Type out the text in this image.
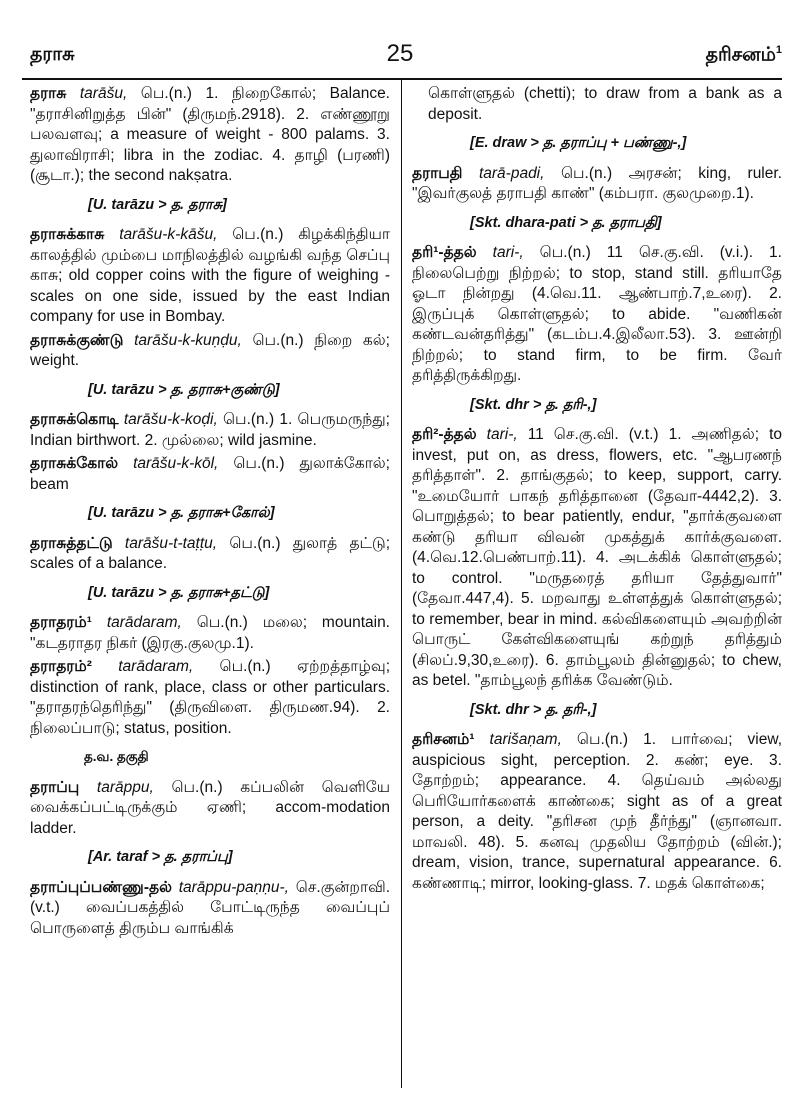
தராசு	25	தரிசனம்$^1$
தராசு tarāšu, பெ.(n.) 1. நிறைகோல்; Balance. "தராசினிறுத்த பின்" (திருமந்.2918). 2. எண்ணூறு பலவளவு; a measure of weight - 800 palams. 3. துலாவிராசி; libra in the zodiac. 4. தாழி (பரணி) (சூடா.); the second nakṣatra.
[U. tarāzu > த. தராசு]
தராசுக்காசு tarāšu-k-kāšu, பெ.(n.) கிழக்கிந்தியா காலத்தில் மும்பை மாநிலத்தில் வழங்கி வந்த செப்பு காசு; old copper coins with the figure of weighing - scales on one side, issued by the east Indian company for use in Bombay.
தராசுக்குண்டு tarāšu-k-kuṇḍu, பெ.(n.) நிறை கல்; weight.
[U. tarāzu > த. தராசு+குண்டு]
தராசுக்கொடி tarāšu-k-koḍi, பெ.(n.) 1. பெருமருந்து; Indian birthwort. 2. முல்லை; wild jasmine.
தராசுக்கோல் tarāšu-k-kōl, பெ.(n.) துலாக்கோல்; beam
[U. tarāzu > த. தராசு+கோல்]
தராசுத்தட்டு tarāšu-t-taṭṭu, பெ.(n.) துலாத் தட்டு; scales of a balance.
[U. tarāzu > த. தராசு+தட்டு]
தராதரம்¹ tarādaram, பெ.(n.) மலை; mountain. "கடதராதர நிகர் (இரகு.குலமு.1).
தராதரம்² tarādaram, பெ.(n.) ஏற்றத்தாழ்வு; distinction of rank, place, class or other particulars. "தராதரந்தெரிந்து" (திருவிளை. திருமண.94). 2. நிலைப்பாடு; status, position.
த.வ. தகுதி
தராப்பு tarāppu, பெ.(n.) கப்பலின் வெளியே வைக்கப்பட்டிருக்கும் ஏணி; accom-modation ladder.
[Ar. taraf > த. தராப்பு]
தராப்புப்பண்ணு-தல் tarāppu-paṇṇu-, செ.குன்றாவி.(v.t.) வைப்பகத்தில் போட்டிருந்த வைப்புப் பொருளைத் திரும்ப வாங்கிக்
கொள்ளுதல் (chetti); to draw from a bank as a deposit.
[E. draw > த. தராப்பு + பண்ணு-,]
தராபதி tarā-padi, பெ.(n.) அரசன்; king, ruler. "இவர்குலத் தராபதி காண்" (கம்பரா. குலமுறை.1).
[Skt. dhara-pati > த. தராபதி]
தரி¹-த்தல் tari-, பெ.(n.) 11 செ.கு.வி. (v.i.). 1. நிலைபெற்று நிற்றல்; to stop, stand still. தரியாதே ஓடா நின்றது (4.வெ.11. ஆண்பாற்.7,உரை). 2. இருப்புக் கொள்ளுதல்; to abide. "வணிகன் கண்டவன்தரித்து" (கடம்ப.4.இலீலா.53). 3. ஊன்றி நிற்றல்; to stand firm, to be firm. வேர் தரித்திருக்கிறது.
[Skt. dhr > த. தரி-,]
தரி²-த்தல் tari-, 11 செ.கு.வி. (v.t.) 1. அணிதல்; to invest, put on, as dress, flowers, etc. "ஆபரணந் தரித்தாள்". 2. தாங்குதல்; to keep, support, carry. "உமையோர் பாகந் தரித்தானை (தேவா-4442,2). 3. பொறுத்தல்; to bear patiently, endur, "தார்க்குவளை கண்டு தரியா விவன் முகத்துக் கார்க்குவளை. (4.வெ.12.பெண்பாற்.11). 4. அடக்கிக் கொள்ளுதல்; to control. "மருதரைத் தரியா தேத்துவார்" (தேவா.447,4). 5. மறவாது உள்ளத்துக் கொள்ளுதல்; to remember, bear in mind. கல்விகளையும் அவற்றின் பொருட் கேள்விகளையுங் கற்றுந் தரித்தும் (சிலப்.9,30,உரை). 6. தாம்பூலம் தின்னுதல்; to chew, as betel. "தாம்பூலந் தரிக்க வேண்டும்.
[Skt. dhr > த. தரி-,]
தரிசனம்¹ tarišaṇam, பெ.(n.) 1. பார்வை; view, auspicious sight, perception. 2. கண்; eye. 3. தோற்றம்; appearance. 4. தெய்வம் அல்லது பெரியோர்களைக் காண்கை; sight as of a great person, a deity. "தரிசன முந் தீர்ந்து" (ஞானவா. மாவலி. 48). 5. கனவு முதலிய தோற்றம் (வின்.); dream, vision, trance, supernatural appearance. 6. கண்ணாடி; mirror, looking-glass. 7. மதக் கொள்கை;
